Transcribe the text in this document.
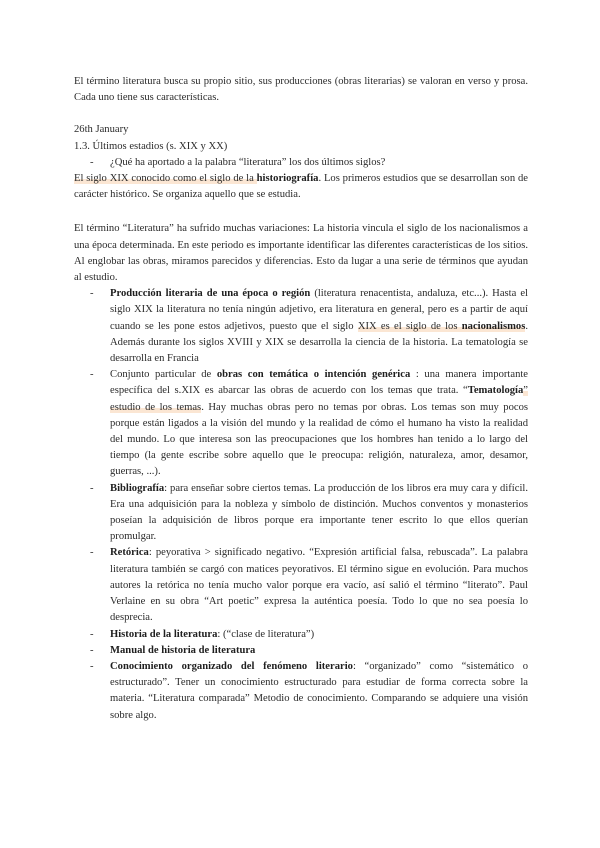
El término literatura busca su propio sitio, sus producciones (obras literarias) se valoran en verso y prosa. Cada uno tiene sus características.

26th January

1.3. Últimos estadios (s. XIX y XX)

- ¿Qué ha aportado a la palabra “literatura” los dos últimos siglos?

El siglo XIX conocido como el siglo de la historiografía. Los primeros estudios que se desarrollan son de carácter histórico. Se organiza aquello que se estudia.

El término “Literatura” ha sufrido muchas variaciones: La historia vincula el siglo de los nacionalismos a una época determinada. En este periodo es importante identificar las diferentes características de los sitios. Al englobar las obras, miramos parecidos y diferencias. Esto da lugar a una serie de términos que ayudan al estudio.

- Producción literaria de una época o región (literatura renacentista, andaluza, etc...). Hasta el siglo XIX la literatura no tenía ningún adjetivo, era literatura en general, pero es a partir de aquí cuando se les pone estos adjetivos, puesto que el siglo XIX es el siglo de los nacionalismos. Además durante los siglos XVIII y XIX se desarrolla la ciencia de la historia. La tematología se desarrolla en Francia
- Conjunto particular de obras con temática o intención genérica : una manera importante específica del s.XIX es abarcar las obras de acuerdo con los temas que trata. “Tematología” estudio de los temas. Hay muchas obras pero no temas por obras. Los temas son muy pocos porque están ligados a la visión del mundo y la realidad de cómo el humano ha visto la realidad del mundo. Lo que interesa son las preocupaciones que los hombres han tenido a lo largo del tiempo (la gente escribe sobre aquello que le preocupa: religión, naturaleza, amor, desamor, guerras, ...).
- Bibliografía: para enseñar sobre ciertos temas. La producción de los libros era muy cara y difícil. Era una adquisición para la nobleza y símbolo de distinción. Muchos conventos y monasterios poseían la adquisición de libros porque era importante tener escrito lo que ellos querían promulgar.
- Retórica: peyorativa > significado negativo. “Expresión artificial falsa, rebuscada”. La palabra literatura también se cargó con matices peyorativos. El término sigue en evolución. Para muchos autores la retórica no tenía mucho valor porque era vacío, así salió el término “literato”. Paul Verlaine en su obra “Art poetic” expresa la auténtica poesía. Todo lo que no sea poesía lo desprecia.
- Historia de la literatura: (“clase de literatura”)
- Manual de historia de literatura
- Conocimiento organizado del fenómeno literario: “organizado” como “sistemático o estructurado”. Tener un conocimiento estructurado para estudiar de forma correcta sobre la materia. “Literatura comparada” Metodio de conocimiento. Comparando se adquiere una visión sobre algo.
